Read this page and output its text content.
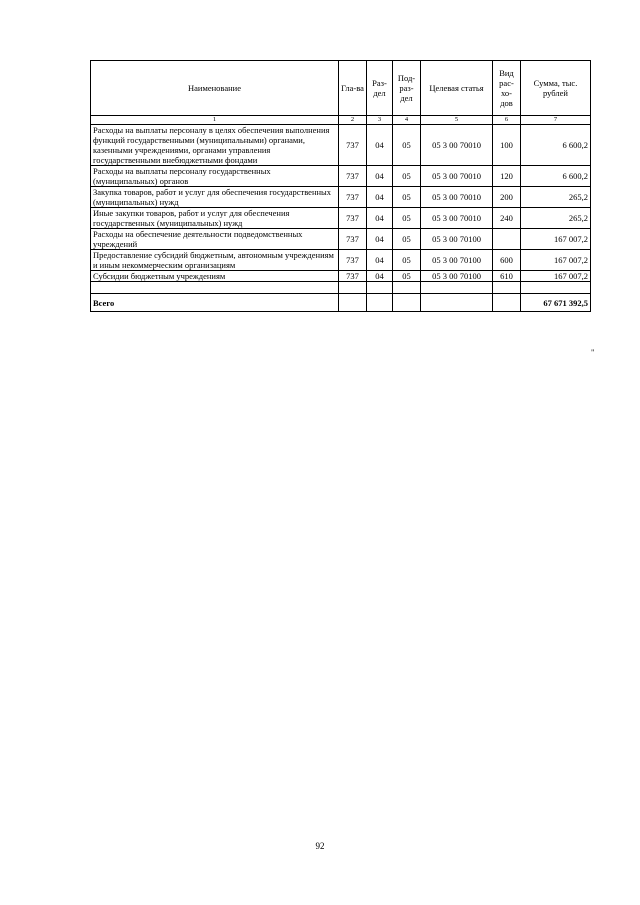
Наименование	Гла-ва	Раз-дел	Под-раз-дел	Целевая статья	Вид рас-хо-дов	Сумма, тыс. рублей
1	2	3	4	5	6	7
Расходы на выплаты персоналу в целях обеспечения выполнения функций государственными (муниципальными) органами, казенными учреждениями, органами управления государственными внебюджетными фондами	737	04	05	05 3 00 70010	100	6 600,2
Расходы на выплаты персоналу государственных (муниципальных) органов	737	04	05	05 3 00 70010	120	6 600,2
Закупка товаров, работ и услуг для обеспечения государственных (муниципальных) нужд	737	04	05	05 3 00 70010	200	265,2
Иные закупки товаров, работ и услуг для обеспечения государственных (муниципальных) нужд	737	04	05	05 3 00 70010	240	265,2
Расходы на обеспечение деятельности подведомственных учреждений	737	04	05	05 3 00 70100		167 007,2
Предоставление субсидий бюджетным, автономным учреждениям и иным некоммерческим организациям	737	04	05	05 3 00 70100	600	167 007,2
Субсидии бюджетным учреждениям	737	04	05	05 3 00 70100	610	167 007,2

Всего						67 671 392,5
"
92
